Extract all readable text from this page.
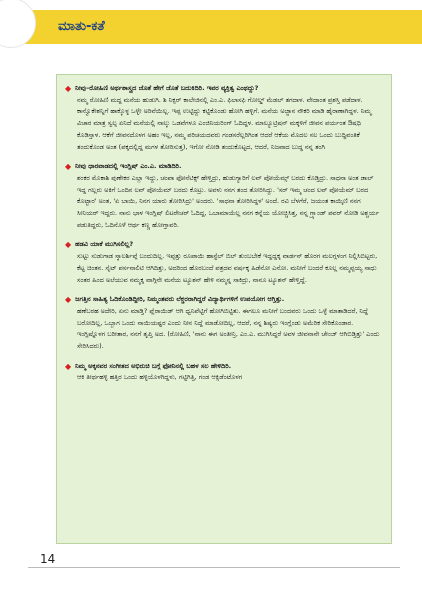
ಮಾತು-ಕತೆ
◆ ನೀವು–ರೋಹಿಣಿ ಅರ್ಥಶಾಸ್ತ್ರದ ಜೊತೆ ಹೇಗೆ ಜೊತೆ ಬದುಕಿದಿರಿ. ಇವರ ವ್ಯಕ್ತಿತ್ವ ಎಂಥದ್ದು?
ನಮ್ಮ ರೋಹಿಣಿ ಮದ್ದ ಮನೆಯ ಹುಡುಗಿ. ಶಿ ನಿಕ್ಸರ್ ಕಾಲೇಜಿನಲ್ಲಿ ಎಂ.ಎ. ಫಿಲಾಸಫಿ ಗೋಲ್ಡ್ ಮೆಡಲ್ ತಗದಾಳ. ವೇದಾಂತ ಪ್ರಶಸ್ತಿ ಪಡೆದಾಳ. ಕಾನ್ವೊಕೇಶನ್ನಿಗೆ ಹಾಕ್ಕೊಳ್ಳ ಒಳ್ಳೇ ಅರಿವೆಯಿಲ್ಲ. ಇಪ್ಪ ಉಟ್ಟಿದ್ದು ಕಟ್ಟಿಕೊಂಡು ಹೋಗಿ ಹಳ್ಳಿಗೆ. ಮನೆಯ ಅಜ್ಜಾನ ನೌಕರಿ ಮಾಡಿ ಹೈರಾಣಾಗಿದ್ದಳ. ನಿಮ್ಮ ವಿಚಾರ ಮಾತ್ರ ಸ್ವಲ್ಪ ಏನಿದೆ ಮನೆಯಲ್ಲಿ ನಾಲ್ಕು ಒಡವೆಗಳೂ ಎಂಜಿನಿಯರಿಂಗ್ ಓದಿದ್ದಳ. ಮಾಲ್ಯೂಟ್ರಿಷನ್ ಮಕ್ಕಳಿಗೆ ಜೀವನ ಪರ್ಯಂತ ಔಷಧಿ ಕೊಡಿಸ್ತಾಳ. ಆಕೆಗೆ ಜೀವನದೊಳಗ ಅಹಂ ಇಲ್ಲ, ನಮ್ಮ ಪರಿಚಯದವರು ಗಂಡಸರೆಲ್ಲರಿಗಿಂತ ಆದರೆ ಆಕೆಯ ಮೊದಲ ಸಲ ಒಂದು ಬುದ್ಧಿವಂತಿಕೆ ತಂದುಕೊಂಡ ಅಂತ (ಪಕ್ಕದಲ್ಲಿದ್ದ ಮಗಳ ತೋರಿಸುತ್ತ), ಇಗೋ ನೋಡಿ ತಂದುಕೊಟ್ಟದ, ಆದರೆ, ನಿಜವಾದ ಬುದ್ಧ ನನ್ನ ತಂಗಿ
◆ ನೀವು ಧಾರವಾಡದಲ್ಲಿ ಇಂಗ್ಲಿಷ್ ಎಂ.ಎ. ಮಾಡಿದಿರಿ.
ಶಂಕರ ಮೊಕಾಶಿ ಪುಣೇಕರ ಎಲ್ಲಾ ಇದ್ದು, ಚಂಪಾ ಫೋನೆಟಿಕ್ಸ್ ಹೇಳ್ತಿದ್ರು, ಹುಡುಗ್ಯಾರಿಗೆ ಲವ್ ಪೋಯೆಮ್ಸ್ ಬರದು ಕೊಡ್ತಿದ್ರು. ಸಾಧನಾ ಅಂತ ಡಾಲ್ ಇದ್ದ ಗಲ್ಲರು ಅಕಿಗೆ ಒಂದಿನ ಲವ್ ಪೋಯೆಮ್ ಬರದು ಕೊಟ್ರು. ಅವಳು ನನಗ ತಂದ ತೋರಿಸಿದ್ದು. 'ಸರ್ ಇಮ್ಮ ಚಂದ ಲವ್ ಪೋಯೆಮ್ ಬರದ ಕೊಟ್ಟಾರ' ಅಂತ, 'ಏ ಬಾಯಿ, ನಿನಗ ಯಾರು ತೋರಿಸಿದ್ರು' ಅಂದರು. 'ಸಾಧನಾ ತೋರಿಸಿದ್ದಳ' ಅಂದೆ. ರವಿ ಬೆಳಗೆರೆ, ಜಯಂತ ಕಾಯ್ಕಿಣಿ ನನಗ ಸೀನಿಯರ್ ಇದ್ದರು. ನಾನು ಭಾಳ ಇಂಗ್ಲಿಷ್ ಲಿಟರೇಚರ್ ಓದಿದ್ದ, ಒಬಾಮಾಯೆಲ್ಲ ನನಗ ಕನ್ನೆಯ ಯೋಚ್ಚಿಸಿತ್ತ, ನನ್ನ ಗ್ರ್ಯಾಂಡ್ ಪವರ್ ನೋಡಿ ಅಶ್ಚರ್ಯ ಪಡುತಿದ್ದರು, ಓದಿನೊಳೆ ಆರ್ಥ ಕಣ್ಣ ಹೋಗ್ತಾವರಿ.
◆ ಹಡವಿ ಯಾಕೆ ಮುಗಿಸಲಿಲ್ಲ?
ಸುಟ್ಟು ಸುಡುಗಾಡ ಸ್ಕಾಲರ್ಶಿಪ್ಗೆ ಬಂದುದಿಲ್ಲ. ಇಪ್ಪತ್ತು ರೂಪಾಯಿ ಹಾಸ್ಟೆಲ್ ಬಿಲ್ ತುಂಬಬೇಕೆ ಇದ್ದದ್ದಕ್ಕ ವಾರ್ಡನ್ ಹೊರಗ ಮಲಗ್ಗಳಂಗ ನಿಲ್ಲಿಸಿಬಿಟ್ಟರು, ಕೆಟ್ಟ ಚಿಂತನ. ಸೈಟ್ ಪರ್ಸನಾಲಿಟಿ ಆಗಿದಿತ್ತು, ಅದರಿಂದ ಹೊರಬಂದೆ ಪತ್ರದವ ವರ್ಷಕ್ಕ ಹಿಡೆನೋ ಎನೋ. ಮನೀಗೆ ಬಂದರೆ ಕೂಲ್ಲ ನಮ್ಮಪ್ಪಯ್ಯ ಸಾಧು ಸಂತರ ಹಿಂದ ಅಲೆಯುವ ನಮ್ಮಕ್ಕ ವಾಗ್ಗಿನೇ ಮನೆಯ ಟ್ಯೂಶನ್ ಹೇಳಿ ನಮ್ಮನ್ನ ಸಾಕಿದ್ರು, ನಾನೂ ಟ್ಯೂಶನ್ ಹೇಳ್ತಿದ್ದೆ.
◆ ಜಗತ್ತಿನ ಸಾಹಿತ್ಯ ಓದಿಕೊಂಡಿದ್ದೀರಿ, ನಿಮ್ಮಂತವರು ಲೆಕ್ಚರರಾಗಿದ್ದರೆ ವಿದ್ಯಾರ್ಥಿಗಳಿಗೆ ಉಪಯೋಗ ಆಗ್ತಿತ್ತು.
ಹಣೆಬರಹ ಅದೇರಿ, ಏನು ಮಾಡ್ತಿ? ಪ್ಲೆರಾಯಿಡ್ ಆಗಿ ಧ್ವನಿಪೆಟ್ಟಿಗೆ ಹೋಗಿಬಿಟ್ಟಿತು. ಈಗಲೂ ಮನೀಗೆ ಬಂದವರು ಒಂದು ಒಳ್ಳೆ ಮಾತಾಡಿದರೆ, ನಿದ್ದೆ ಬರೋದಿಲ್ಲ, ಒಬ್ಬಾಗ ಒಂದು ನಾಯಿಯಷ್ಟರ ಎಂದು ನೀನ ನಿದ್ದೆ ಮಾಡೋದಿಲ್ಲ, ಆದರೆ, ನನ್ನ ಶಿಷ್ಯರು ಇಂಗ್ಲೆಂಡು ಅಮೆರಿಕ ಸೇರಿಕೊಂಡಾರ. ಇಂಗ್ಲಿಷ್ನೊಳಗ ಬರೀತಾರ, ನನಗೆ ತೃಪ್ತಿ ಅದ. (ರೋಹಿಣಿ, 'ನಾನು ಈಗ ಅಂತೀನ್ರಿ, ಎಂ.ಎ. ಮುಗಿಸಿದ್ದರೆ ಅವಳ ಜೀವನಾನೇ ಚೇಂಜ್ ಆಗಿಬಿಡ್ತಿತ್ತು' ಎಂದು ಸೇರಿಸಿದರು).
◆ ನಿಮ್ಮ ಅಕ್ಕನವರ ಸಂಗೀತದ ಅಭಿರುಚಿ ಬಗ್ಗೆ ಫೋನಿನಲ್ಲಿ ಬಹಳ ಸಲ ಹೇಳಿದಿರಿ.
ಆಕಿ ತೀರ್ಥಹಳ್ಳಿ ಹತ್ತಿರ ಒಂದು ಹಳ್ಳಿಯೊಳಗಿದ್ದಳು, ಗಟ್ಟಿಗಿತ್ತಿ, ಗಂಡ ಆಕ್ಸಿಡೆಂಟೊಳಗ
14
